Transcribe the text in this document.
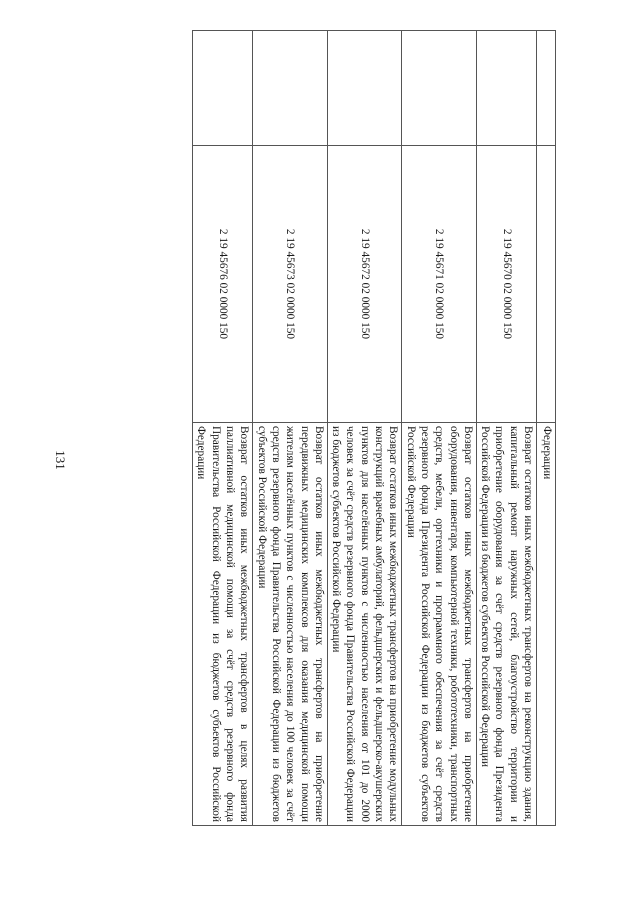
131
			Федерации
	2 19 45670 02 0000 150	Возврат остатков иных межбюджетных трансфертов на реконструкцию здания, капитальный ремонт наружных сетей, благоустройство территории и приобретение оборудования за счёт средств резервного фонда Президента Российской Федерации из бюджетов субъектов Российской Федерации
	2 19 45671 02 0000 150	Возврат остатков иных межбюджетных трансфертов на приобретение оборудования, инвентаря, компьютерной техники, робототехники, транспортных средств, мебели, оргтехники и программного обеспечения за счёт средств резервного фонда Президента Российской Федерации из бюджетов субъектов Российской Федерации
	2 19 45672 02 0000 150	Возврат остатков иных межбюджетных трансфертов на приобретение модульных конструкций врачебных амбулаторий, фельдшерских и фельдшерско-акушерских пунктов для населённых пунктов с численностью населения от 101 до 2000 человек за счёт средств резервного фонда Правительства Российской Федерации из бюджетов субъектов Российской Федерации
	2 19 45673 02 0000 150	Возврат остатков иных межбюджетных трансфертов на приобретение передвижных медицинских комплексов для оказания медицинской помощи жителям населённых пунктов с численностью населения до 100 человек за счёт средств резервного фонда Правительства Российской Федерации из бюджетов субъектов Российской Федерации
	2 19 45676 02 0000 150	Возврат остатков иных межбюджетных трансфертов в целях развития паллиативной медицинской помощи за счёт средств резервного фонда Правительства Российской Федерации из бюджетов субъектов Российской Федерации
